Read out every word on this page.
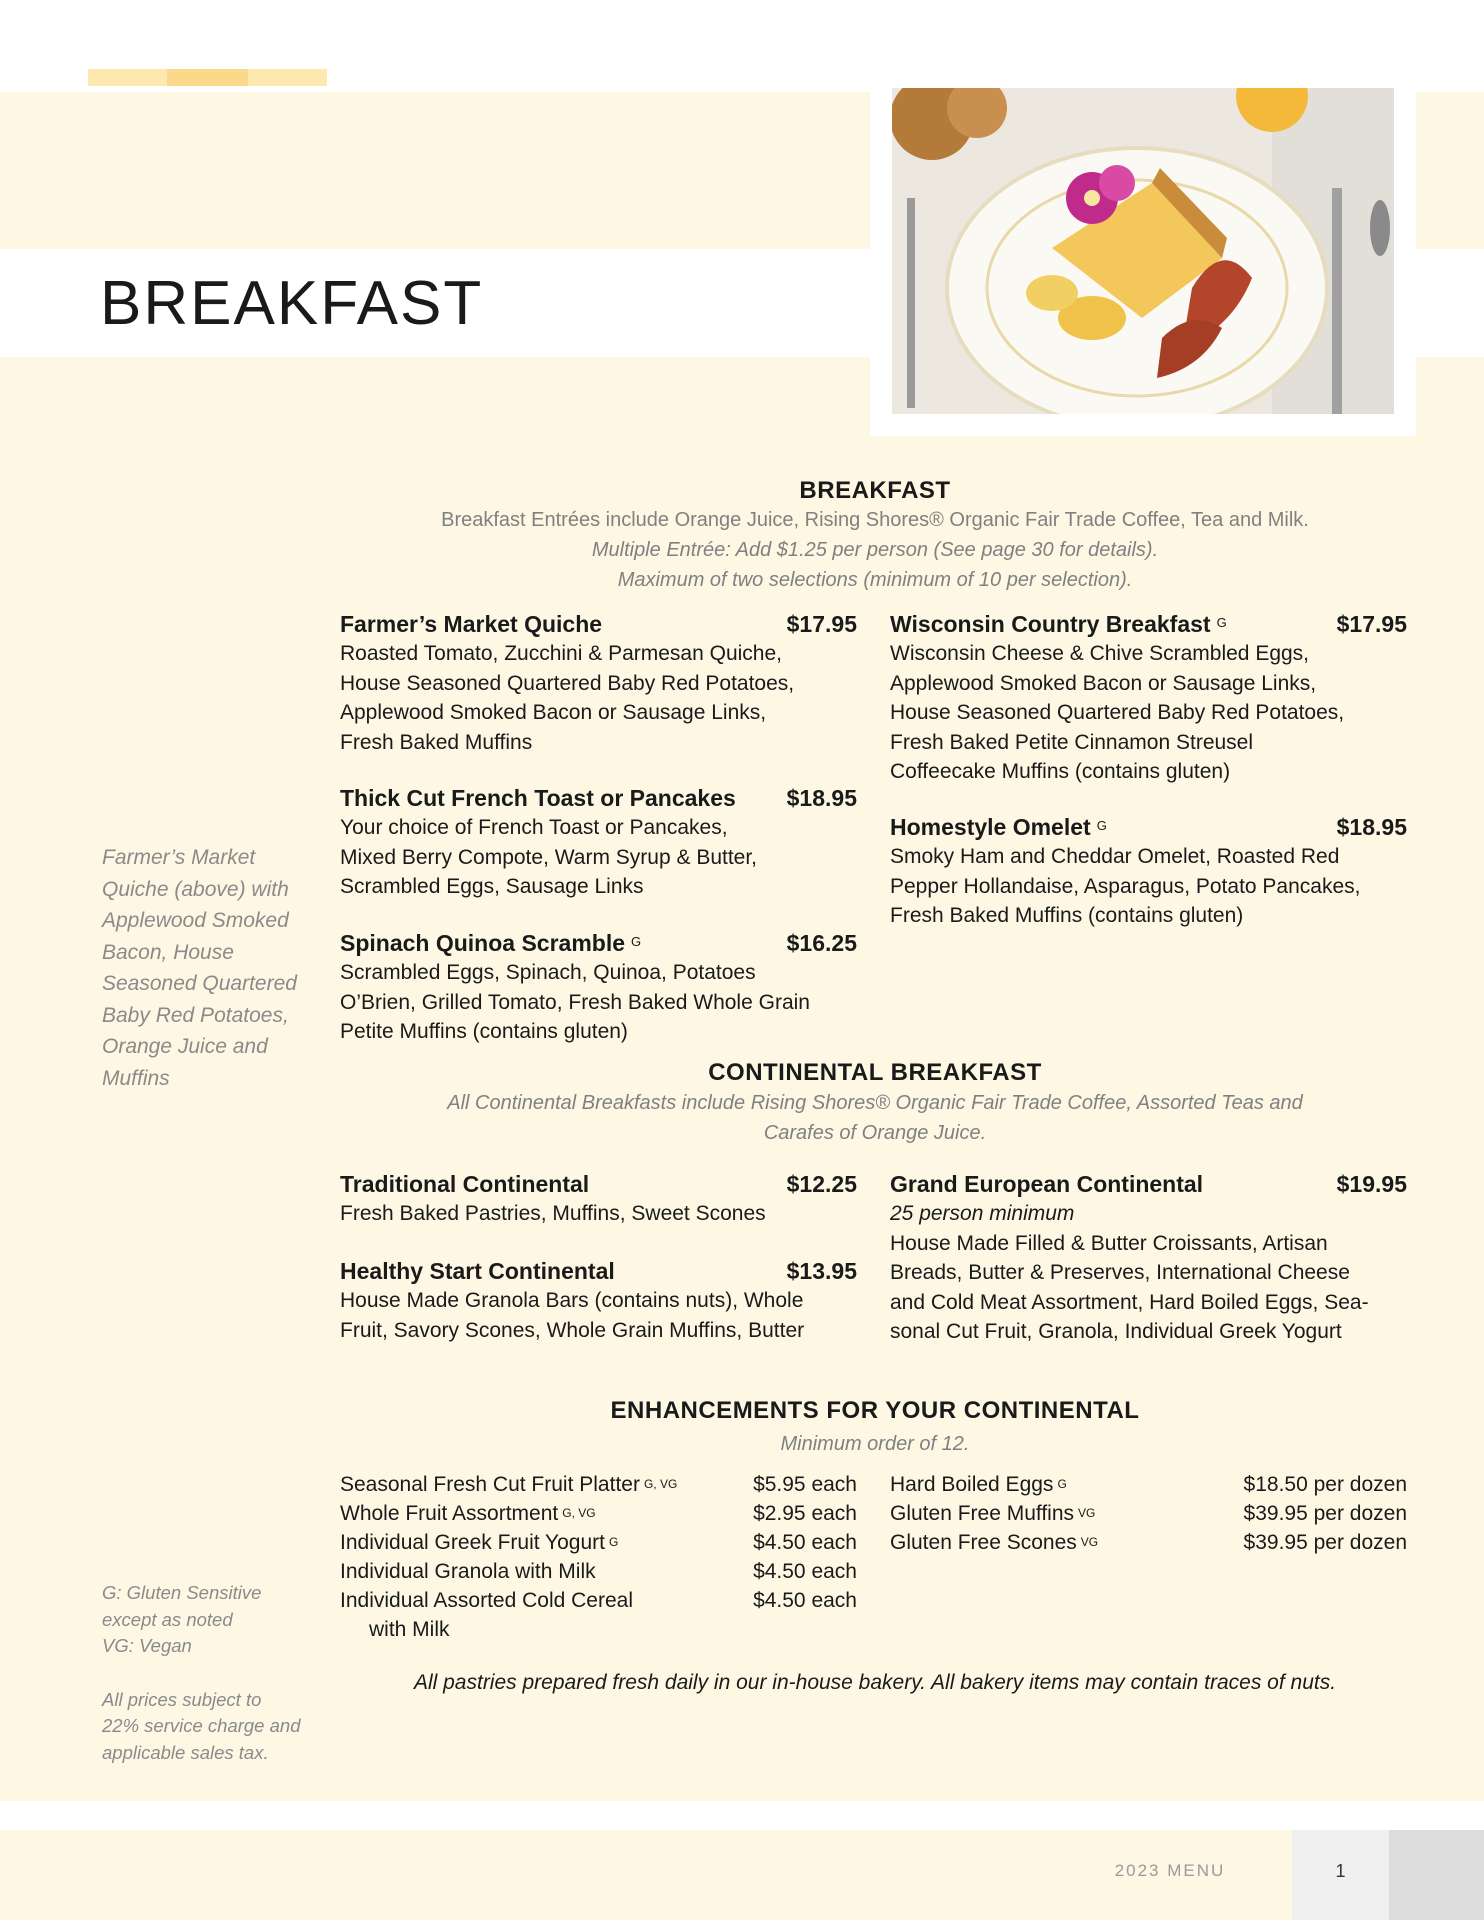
BREAKFAST
BREAKFAST
Breakfast Entrées include Orange Juice, Rising Shores® Organic Fair Trade Coffee, Tea and Milk.
Multiple Entrée: Add $1.25 per person (See page 30 for details).
Maximum of two selections (minimum of 10 per selection).
Farmer’s Market Quiche	$17.95
Roasted Tomato, Zucchini & Parmesan Quiche,
House Seasoned Quartered Baby Red Potatoes,
Applewood Smoked Bacon or Sausage Links,
Fresh Baked Muffins
Thick Cut French Toast or Pancakes $18.95
Your choice of French Toast or Pancakes,
Mixed Berry Compote, Warm Syrup & Butter,
Scrambled Eggs, Sausage Links
Spinach Quinoa Scramble $^G$	$16.25
Scrambled Eggs, Spinach, Quinoa, Potatoes
O’Brien, Grilled Tomato, Fresh Baked Whole Grain
Petite Muffins (contains gluten)
Wisconsin Country Breakfast $^G$	$17.95
Wisconsin Cheese & Chive Scrambled Eggs,
Applewood Smoked Bacon or Sausage Links,
House Seasoned Quartered Baby Red Potatoes,
Fresh Baked Petite Cinnamon Streusel
Coffeecake Muffins (contains gluten)
Homestyle Omelet $^G$	$18.95
Smoky Ham and Cheddar Omelet, Roasted Red
Pepper Hollandaise, Asparagus, Potato Pancakes,
Fresh Baked Muffins (contains gluten)
Farmer’s Market Quiche (above) with Applewood Smoked Bacon, House Seasoned Quartered Baby Red Potatoes, Orange Juice and Muffins	CONTINENTAL BREAKFAST
All Continental Breakfasts include Rising Shores® Organic Fair Trade Coffee, Assorted Teas and
Carafes of Orange Juice.
Traditional Continental	$12.25
Fresh Baked Pastries, Muffins, Sweet Scones
Healthy Start Continental	$13.95
House Made Granola Bars (contains nuts), Whole
Fruit, Savory Scones, Whole Grain Muffins, Butter
Grand European Continental	$19.95
25 person minimum
House Made Filled & Butter Croissants, Artisan
Breads, Butter & Preserves, International Cheese
and Cold Meat Assortment, Hard Boiled Eggs, Sea-
sonal Cut Fruit, Granola, Individual Greek Yogurt
ENHANCEMENTS FOR YOUR CONTINENTAL
Minimum order of 12.
Seasonal Fresh Cut Fruit Platter $^{G, VG}$	$5.95 each
Whole Fruit Assortment $^{G, VG}$	$2.95 each
Individual Greek Fruit Yogurt $^G$	$4.50 each
Individual Granola with Milk	$4.50 each
Individual Assorted Cold Cereal	$4.50 each
with Milk
Hard Boiled Eggs $^G$	$18.50 per dozen
Gluten Free Muffins $^{VG}$	$39.95 per dozen
Gluten Free Scones $^{VG}$	$39.95 per dozen
All pastries prepared fresh daily in our in-house bakery. All bakery items may contain traces of nuts.
G: Gluten Sensitive
except as noted
VG: Vegan
All prices subject to
22% service charge and
applicable sales tax.
2023 MENU	1
